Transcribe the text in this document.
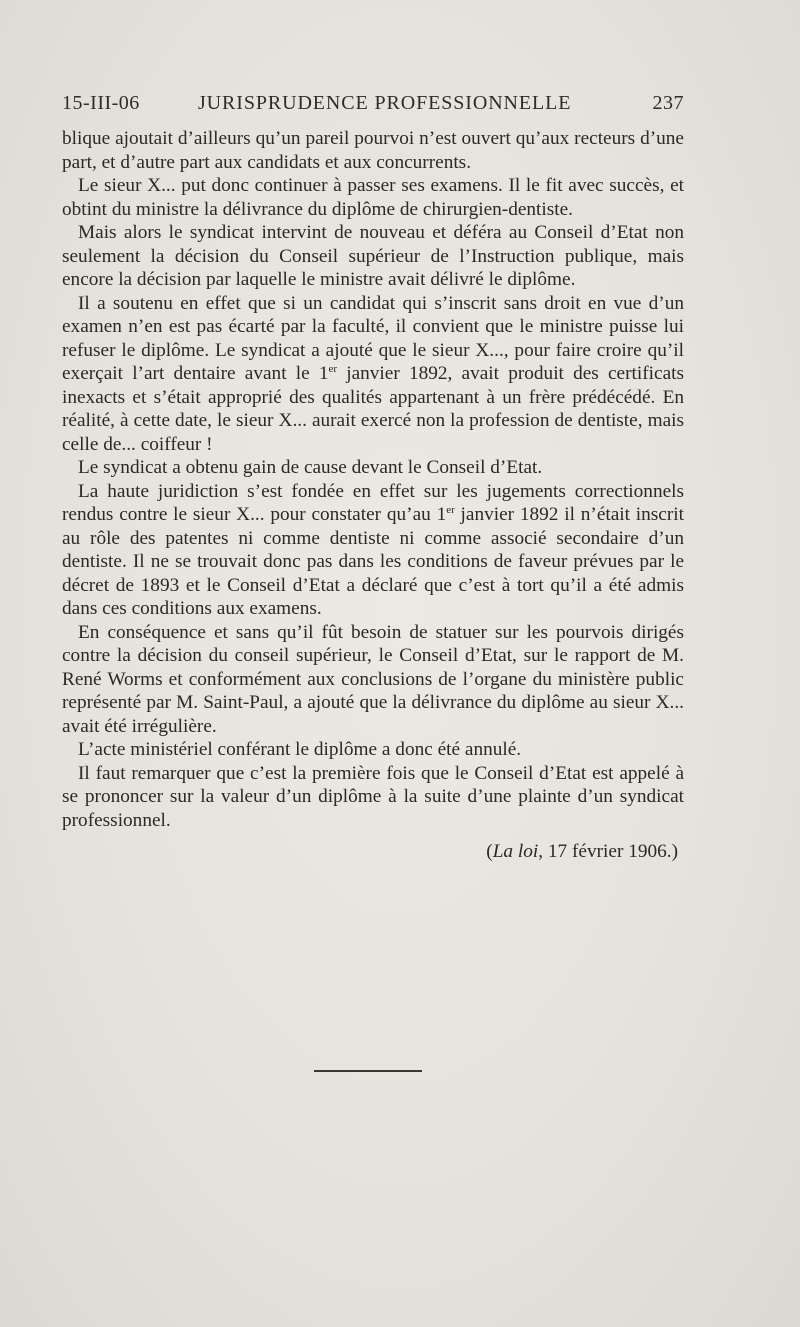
15-III-06	JURISPRUDENCE PROFESSIONNELLE	237

blique ajoutait d’ailleurs qu’un pareil pourvoi n’est ouvert qu’aux recteurs d’une part, et d’autre part aux candidats et aux concurrents.

Le sieur X... put donc continuer à passer ses examens. Il le fit avec succès, et obtint du ministre la délivrance du diplôme de chirurgien-dentiste.

Mais alors le syndicat intervint de nouveau et déféra au Conseil d’Etat non seulement la décision du Conseil supérieur de l’Instruction publique, mais encore la décision par laquelle le ministre avait délivré le diplôme.

Il a soutenu en effet que si un candidat qui s’inscrit sans droit en vue d’un examen n’en est pas écarté par la faculté, il convient que le ministre puisse lui refuser le diplôme. Le syndicat a ajouté que le sieur X..., pour faire croire qu’il exerçait l’art dentaire avant le 1er janvier 1892, avait produit des certificats inexacts et s’était approprié des qualités appartenant à un frère prédécédé. En réalité, à cette date, le sieur X... aurait exercé non la profession de dentiste, mais celle de... coiffeur !

Le syndicat a obtenu gain de cause devant le Conseil d’Etat.

La haute juridiction s’est fondée en effet sur les jugements correctionnels rendus contre le sieur X... pour constater qu’au 1er janvier 1892 il n’était inscrit au rôle des patentes ni comme dentiste ni comme associé secondaire d’un dentiste. Il ne se trouvait donc pas dans les conditions de faveur prévues par le décret de 1893 et le Conseil d’Etat a déclaré que c’est à tort qu’il a été admis dans ces conditions aux examens.

En conséquence et sans qu’il fût besoin de statuer sur les pourvois dirigés contre la décision du conseil supérieur, le Conseil d’Etat, sur le rapport de M. René Worms et conformément aux conclusions de l’organe du ministère public représenté par M. Saint-Paul, a ajouté que la délivrance du diplôme au sieur X... avait été irrégulière.

L’acte ministériel conférant le diplôme a donc été annulé.

Il faut remarquer que c’est la première fois que le Conseil d’Etat est appelé à se prononcer sur la valeur d’un diplôme à la suite d’une plainte d’un syndicat professionnel.

(La loi, 17 février 1906.)
